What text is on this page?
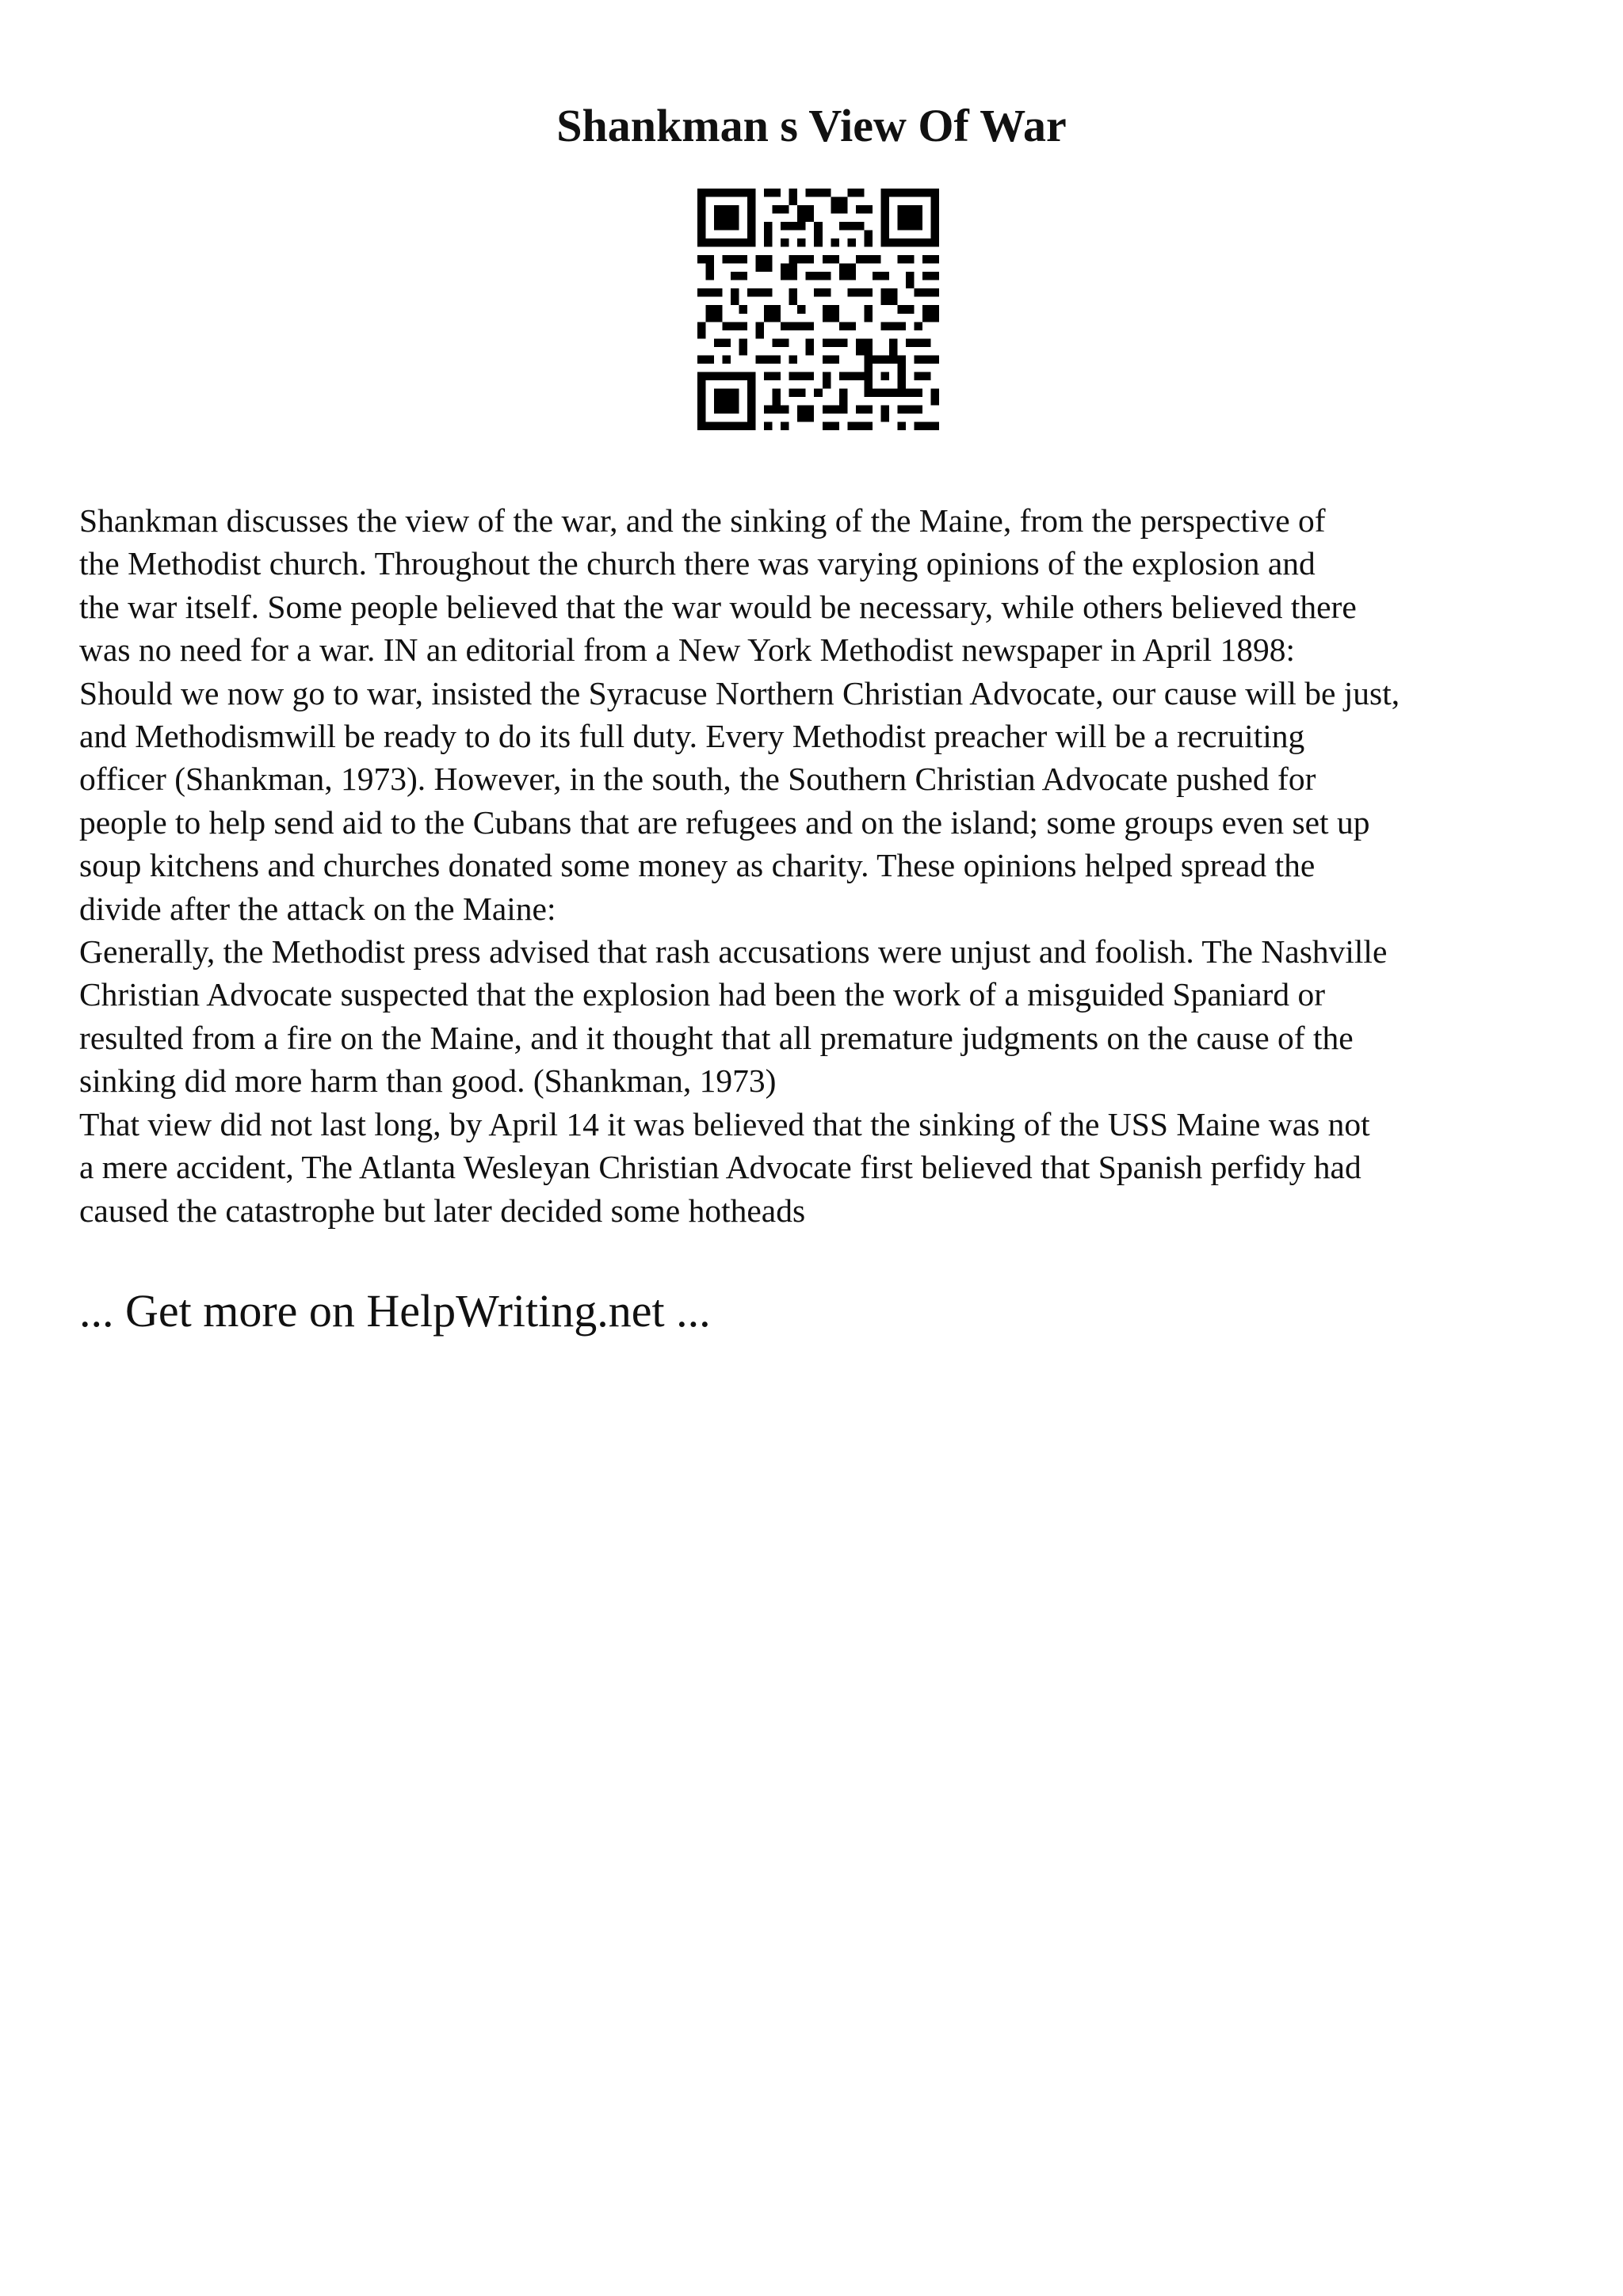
Shankman s View Of War
Shankman discusses the view of the war, and the sinking of the Maine, from the perspective of
the Methodist church. Throughout the church there was varying opinions of the explosion and
the war itself. Some people believed that the war would be necessary, while others believed there
was no need for a war. IN an editorial from a New York Methodist newspaper in April 1898:
Should we now go to war, insisted the Syracuse Northern Christian Advocate, our cause will be just,
and Methodismwill be ready to do its full duty. Every Methodist preacher will be a recruiting
officer (Shankman, 1973). However, in the south, the Southern Christian Advocate pushed for
people to help send aid to the Cubans that are refugees and on the island; some groups even set up
soup kitchens and churches donated some money as charity. These opinions helped spread the
divide after the attack on the Maine:
Generally, the Methodist press advised that rash accusations were unjust and foolish. The Nashville
Christian Advocate suspected that the explosion had been the work of a misguided Spaniard or
resulted from a fire on the Maine, and it thought that all premature judgments on the cause of the
sinking did more harm than good. (Shankman, 1973)
That view did not last long, by April 14 it was believed that the sinking of the USS Maine was not
a mere accident, The Atlanta Wesleyan Christian Advocate first believed that Spanish perfidy had
caused the catastrophe but later decided some hotheads
... Get more on HelpWriting.net ...
